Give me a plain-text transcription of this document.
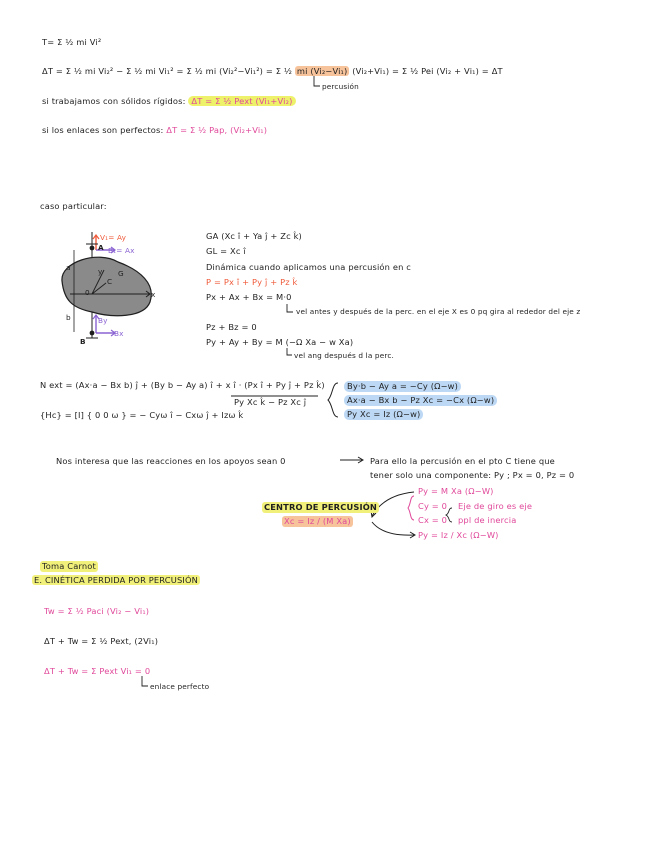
T= Σ ½ mi Vi²
ΔT = Σ ½ mi Vi₂² − Σ ½ mi Vi₁² = Σ ½ mi (Vi₂²−Vi₁²) = Σ ½ mi (Vi₂−Vi₁) (Vi₂+Vi₁) = Σ ½ Pei (Vi₂ + Vi₁) = ΔT
percusión
si trabajamos con sólidos rígidos: ΔT = Σ ½ Pext (Vi₁+Vi₂)
si los enlaces son perfectos: ΔT = Σ ½ Pap, (Vi₂+Vi₁)
caso particular:
V₁= Ay
B₁= Ax
A
a
b
B
By
Bx
y
x
C
G
0
GA (Xc î + Ya ĵ + Zc k̂)
GL = Xc î
Dinámica cuando aplicamos una percusión en c
P = Px î + Py ĵ + Pz k̂
Px + Ax + Bx = M·0
vel antes y después de la perc. en el eje X es 0 pq gira al rededor del eje z
Pz + Bz = 0
Py + Ay + By = M (−Ω Xa − w Xa)
vel ang después d la perc.
N ext = (Ax·a − Bx b) ĵ + (By b − Ay a) î + x î · (Px î + Py ĵ + Pz k̂)
Py Xc k̂ − Pz Xc ĵ
{Hc} = [I] { 0 0 ω } = − Cyω î − Cxω ĵ + Izω k̂
By·b − Ay a = −Cy (Ω−w)
Ax·a − Bx b − Pz Xc = −Cx (Ω−w)
Py Xc = Iz (Ω−w)
Nos interesa que las reacciones en los apoyos sean 0	Para ello la percusión en el pto C tiene que
tener solo una componente: Py ; Px = 0, Pz = 0
CENTRO DE PERCUSIÓN
Xc = Iz / (M Xa)
Py = M Xa (Ω−W)
Cy = 0
Cx = 0
Eje de giro es eje
ppl de inercia
Py = Iz / Xc (Ω−W)
Toma Carnot
E. CINÉTICA PERDIDA POR PERCUSIÓN
Tw = Σ ½ Paci (Vi₂ − Vi₁)
ΔT + Tw = Σ ½ Pext, (2Vi₁)
ΔT + Tw = Σ Pext Vi₁ = 0
enlace perfecto
